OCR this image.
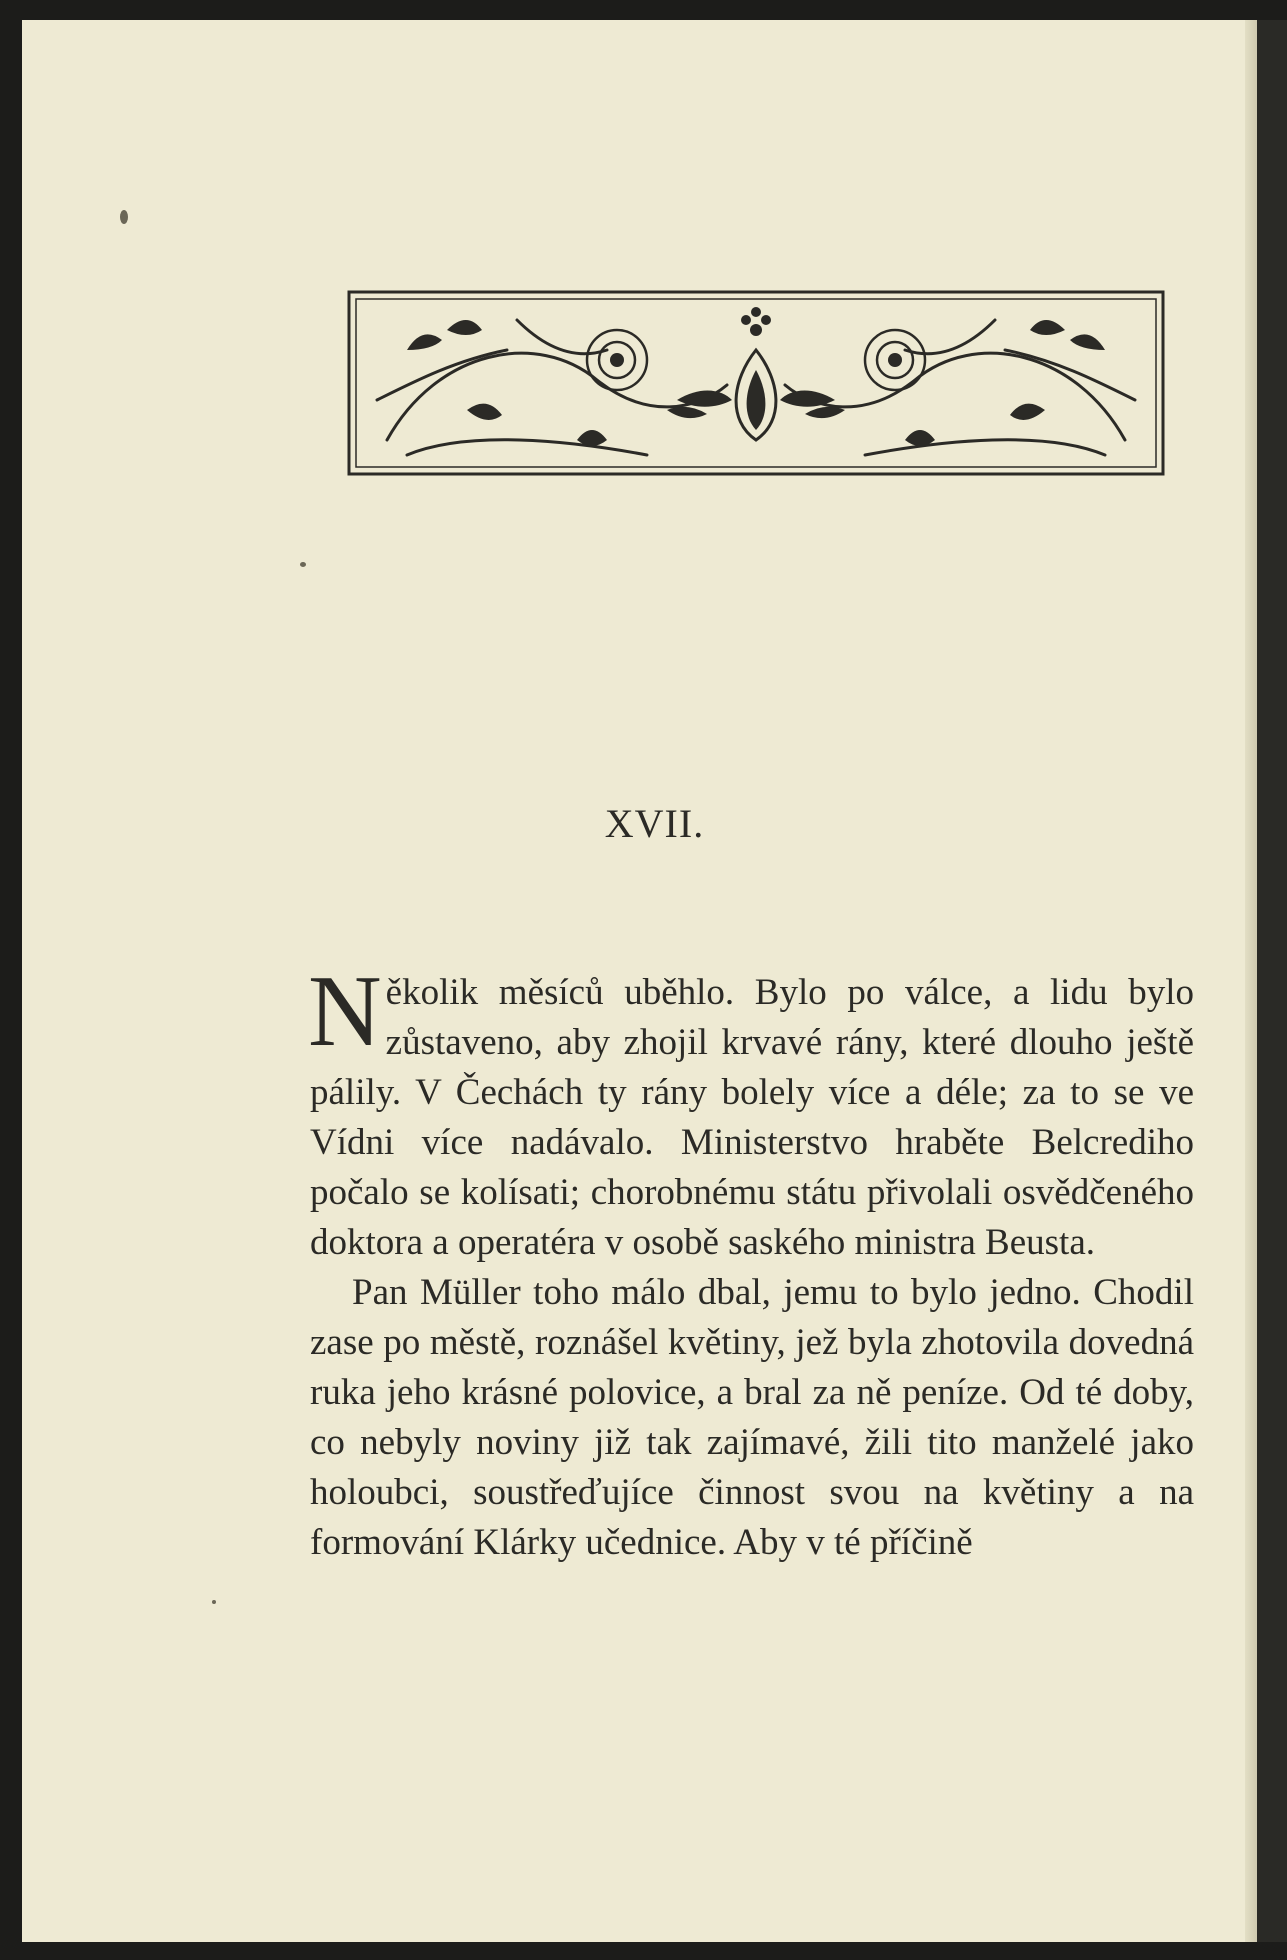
XVII.

Několik měsíců uběhlo. Bylo po válce, a lidu bylo zůstaveno, aby zhojil krvavé rány, které dlouho ještě pálily. V Čechách ty rány bolely více a déle; za to se ve Vídni více nadávalo. Ministerstvo hraběte Belcrediho počalo se kolísati; chorobnému státu přivolali osvědčeného doktora a operatéra v osobě saského ministra Beusta.

Pan Müller toho málo dbal, jemu to bylo jedno. Chodil zase po městě, roznášel květiny, jež byla zhotovila dovedná ruka jeho krásné polovice, a bral za ně peníze. Od té doby, co nebyly noviny již tak zajímavé, žili tito manželé jako holoubci, soustřeďujíce činnost svou na květiny a na formování Klárky učednice. Aby v té příčině
